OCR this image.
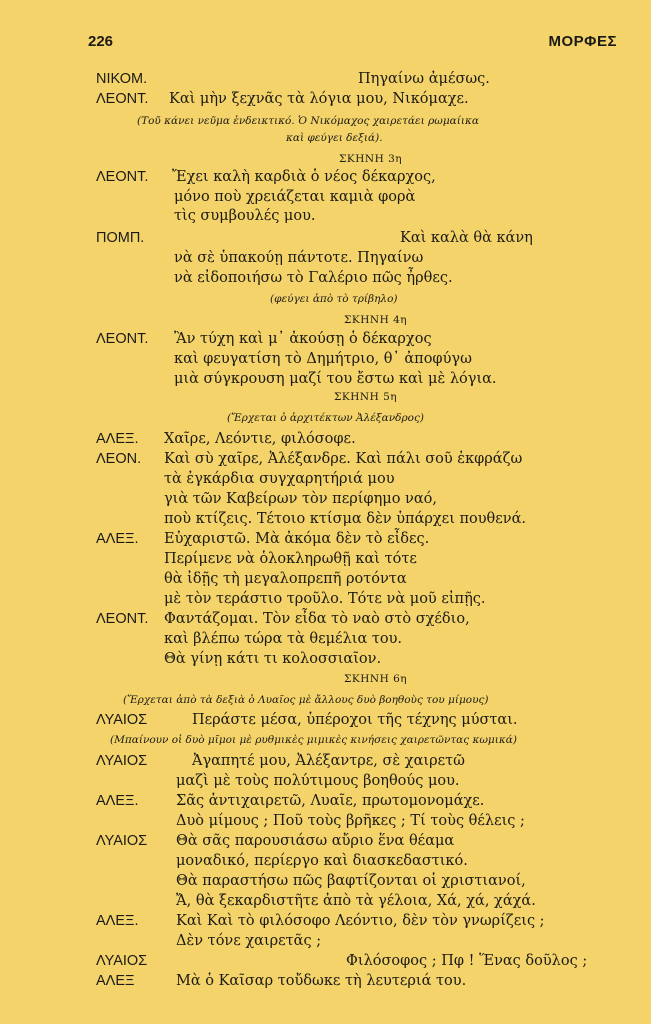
226	ΜΟΡΦΕΣ
ΝΙΚΟΜ.	Πηγαίνω ἀμέσως.
ΛΕΟΝΤ. Καὶ μὴν ξεχνᾶς τὰ λόγια μου, Νικόμαχε.
(Τοῦ κάνει νεῦμα ἐνδεικτικό. Ὁ Νικόμαχος χαιρετάει ρωμαίικα
καὶ φεύγει δεξιά).
ΣΚΗΝΗ 3η
ΛΕΟΝΤ. Ἔχει καλὴ καρδιὰ ὁ νέος δέκαρχος,
μόνο ποὺ χρειάζεται καμιὰ φορὰ
τὶς συμβουλές μου.
ΠΟΜΠ.	Καὶ καλὰ θὰ κάνη
νὰ σὲ ὑπακούῃ πάντοτε. Πηγαίνω
νὰ εἰδοποιήσω τὸ Γαλέριο πῶς ἦρθες.
(φεύγει ἀπὸ τὸ τρίβηλο)
ΣΚΗΝΗ 4η
ΛΕΟΝΤ. Ἂν τύχη καὶ μ᾿ ἀκούσῃ ὁ δέκαρχος
καὶ φευγατίση τὸ Δημήτριο, θ᾿ ἀποφύγω
μιὰ σύγκρουση μαζί του ἔστω καὶ μὲ λόγια.
ΣΚΗΝΗ 5η
(Ἔρχεται ὁ ἀρχιτέκτων Ἀλέξανδρος)
ΑΛΕΞ. Χαῖρε, Λεόντιε, φιλόσοφε.
ΛΕΟΝ. Καὶ σὺ χαῖρε, Ἀλέξανδρε. Καὶ πάλι σοῦ ἐκφράζω
τὰ ἐγκάρδια συγχαρητήριά μου
γιὰ τῶν Καβείρων τὸν περίφημο ναό,
ποὺ κτίζεις. Τέτοιο κτίσμα δὲν ὑπάρχει πουθενά.
ΑΛΕΞ. Εὐχαριστῶ. Μὰ ἀκόμα δὲν τὸ εἶδες.
Περίμενε νὰ ὁλοκληρωθῇ καὶ τότε
θὰ ἰδῇς τὴ μεγαλοπρεπῆ ροτόντα
μὲ τὸν τεράστιο τροῦλο. Τότε νὰ μοῦ εἰπῇς.
ΛΕΟΝΤ. Φαντάζομαι. Τὸν εἶδα τὸ ναὸ στὸ σχέδιο,
καὶ βλέπω τώρα τὰ θεμέλια του.
Θὰ γίνῃ κάτι τι κολοσσιαῖον.
ΣΚΗΝΗ 6η
(Ἔρχεται ἀπὸ τὰ δεξιὰ ὁ Λυαῖος μὲ ἄλλους δυὸ βοηθοὺς του μίμους)
ΛΥΑΙΟΣ	Περάστε μέσα, ὑπέροχοι τῆς τέχνης μύσται.
(Μπαίνουν οἱ δυὸ μῖμοι μὲ ρυθμικὲς μιμικὲς κινήσεις χαιρετῶντας κωμικά)
ΛΥΑΙΟΣ	Ἀγαπητέ μου, Ἀλέξαντρε, σὲ χαιρετῶ
μαζὶ μὲ τοὺς πολύτιμους βοηθούς μου.
ΑΛΕΞ.	Σᾶς ἀντιχαιρετῶ, Λυαῖε, πρωτομονομάχε.
Δυὸ μίμους ; Ποῦ τοὺς βρῆκες ; Τί τοὺς θέλεις ;
ΛΥΑΙΟΣ Θὰ σᾶς παρουσιάσω αὔριο ἕνα θέαμα
μοναδικό, περίεργο καὶ διασκεδαστικό.
Θὰ παραστήσω πῶς βαφτίζονται οἱ χριστιανοί,
Ἄ, θὰ ξεκαρδιστῆτε ἀπὸ τὰ γέλοια, Χά, χά, χάχά.
ΑΛΕΞ.	Καὶ Καὶ τὸ φιλόσοφο Λεόντιο, δὲν τὸν γνωρίζεις ;
Δὲν τόνε χαιρετᾶς ;
ΛΥΑΙΟΣ	Φιλόσοφος ; Πφ ! Ἕνας δοῦλος ;
ΑΛΕΞ	Μὰ ὁ Καῖσαρ τοὔδωκε τὴ λευτεριά του.
